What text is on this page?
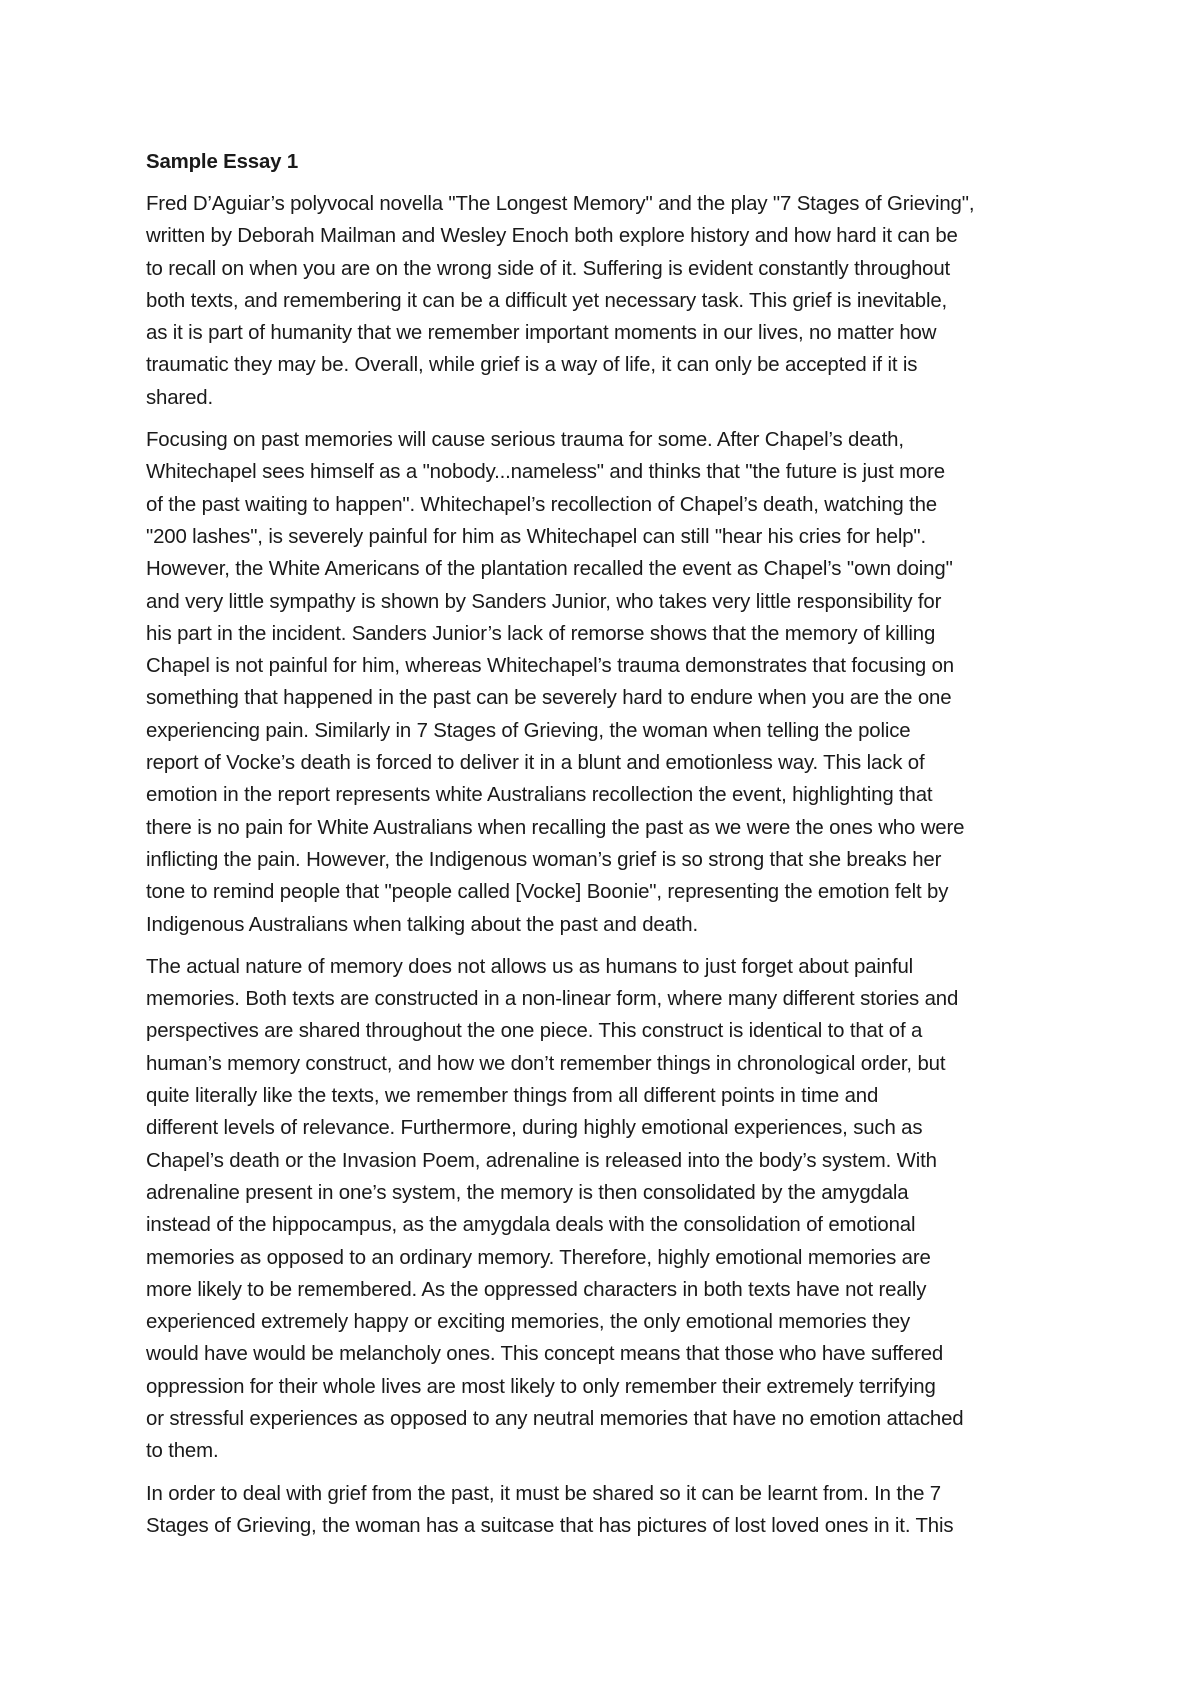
Sample Essay 1
Fred D’Aguiar’s polyvocal novella "The Longest Memory" and the play "7 Stages of Grieving",
written by Deborah Mailman and Wesley Enoch both explore history and how hard it can be
to recall on when you are on the wrong side of it. Suffering is evident constantly throughout
both texts, and remembering it can be a difficult yet necessary task. This grief is inevitable,
as it is part of humanity that we remember important moments in our lives, no matter how
traumatic they may be. Overall, while grief is a way of life, it can only be accepted if it is
shared.
Focusing on past memories will cause serious trauma for some. After Chapel’s death,
Whitechapel sees himself as a "nobody...nameless" and thinks that "the future is just more
of the past waiting to happen". Whitechapel’s recollection of Chapel’s death, watching the
"200 lashes", is severely painful for him as Whitechapel can still "hear his cries for help".
However, the White Americans of the plantation recalled the event as Chapel’s "own doing"
and very little sympathy is shown by Sanders Junior, who takes very little responsibility for
his part in the incident. Sanders Junior’s lack of remorse shows that the memory of killing
Chapel is not painful for him, whereas Whitechapel’s trauma demonstrates that focusing on
something that happened in the past can be severely hard to endure when you are the one
experiencing pain. Similarly in 7 Stages of Grieving, the woman when telling the police
report of Vocke’s death is forced to deliver it in a blunt and emotionless way. This lack of
emotion in the report represents white Australians recollection the event, highlighting that
there is no pain for White Australians when recalling the past as we were the ones who were
inflicting the pain. However, the Indigenous woman’s grief is so strong that she breaks her
tone to remind people that "people called [Vocke] Boonie", representing the emotion felt by
Indigenous Australians when talking about the past and death.
The actual nature of memory does not allows us as humans to just forget about painful
memories. Both texts are constructed in a non-linear form, where many different stories and
perspectives are shared throughout the one piece. This construct is identical to that of a
human’s memory construct, and how we don’t remember things in chronological order, but
quite literally like the texts, we remember things from all different points in time and
different levels of relevance. Furthermore, during highly emotional experiences, such as
Chapel’s death or the Invasion Poem, adrenaline is released into the body’s system. With
adrenaline present in one’s system, the memory is then consolidated by the amygdala
instead of the hippocampus, as the amygdala deals with the consolidation of emotional
memories as opposed to an ordinary memory. Therefore, highly emotional memories are
more likely to be remembered. As the oppressed characters in both texts have not really
experienced extremely happy or exciting memories, the only emotional memories they
would have would be melancholy ones. This concept means that those who have suffered
oppression for their whole lives are most likely to only remember their extremely terrifying
or stressful experiences as opposed to any neutral memories that have no emotion attached
to them.
In order to deal with grief from the past, it must be shared so it can be learnt from. In the 7
Stages of Grieving, the woman has a suitcase that has pictures of lost loved ones in it. This
